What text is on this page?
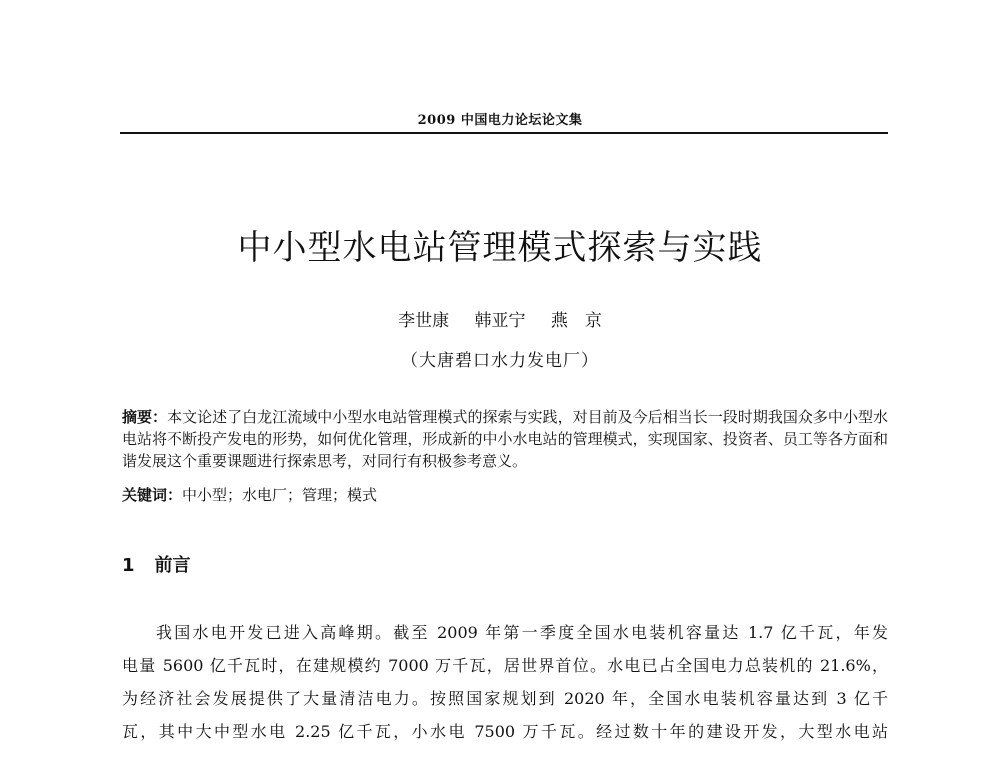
2009 中国电力论坛论文集
中小型水电站管理模式探索与实践
李世康 韩亚宁 燕　京
（大唐碧口水力发电厂）
摘要：本文论述了白龙江流域中小型水电站管理模式的探索与实践，对目前及今后相当长一段时期我国众多中小型水电站将不断投产发电的形势，如何优化管理，形成新的中小水电站的管理模式，实现国家、投资者、员工等各方面和谐发展这个重要课题进行探索思考，对同行有积极参考意义。
关键词：中小型；水电厂；管理；模式
1 前言
我国水电开发已进入高峰期。截至 2009 年第一季度全国水电装机容量达 1.7 亿千瓦，年发
电量 5600 亿千瓦时，在建规模约 7000 万千瓦，居世界首位。水电已占全国电力总装机的 21.6%，
为经济社会发展提供了大量清洁电力。按照国家规划到 2020 年，全国水电装机容量达到 3 亿千
瓦，其中大中型水电 2.25 亿千瓦，小水电 7500 万千瓦。经过数十年的建设开发，大型水电站
